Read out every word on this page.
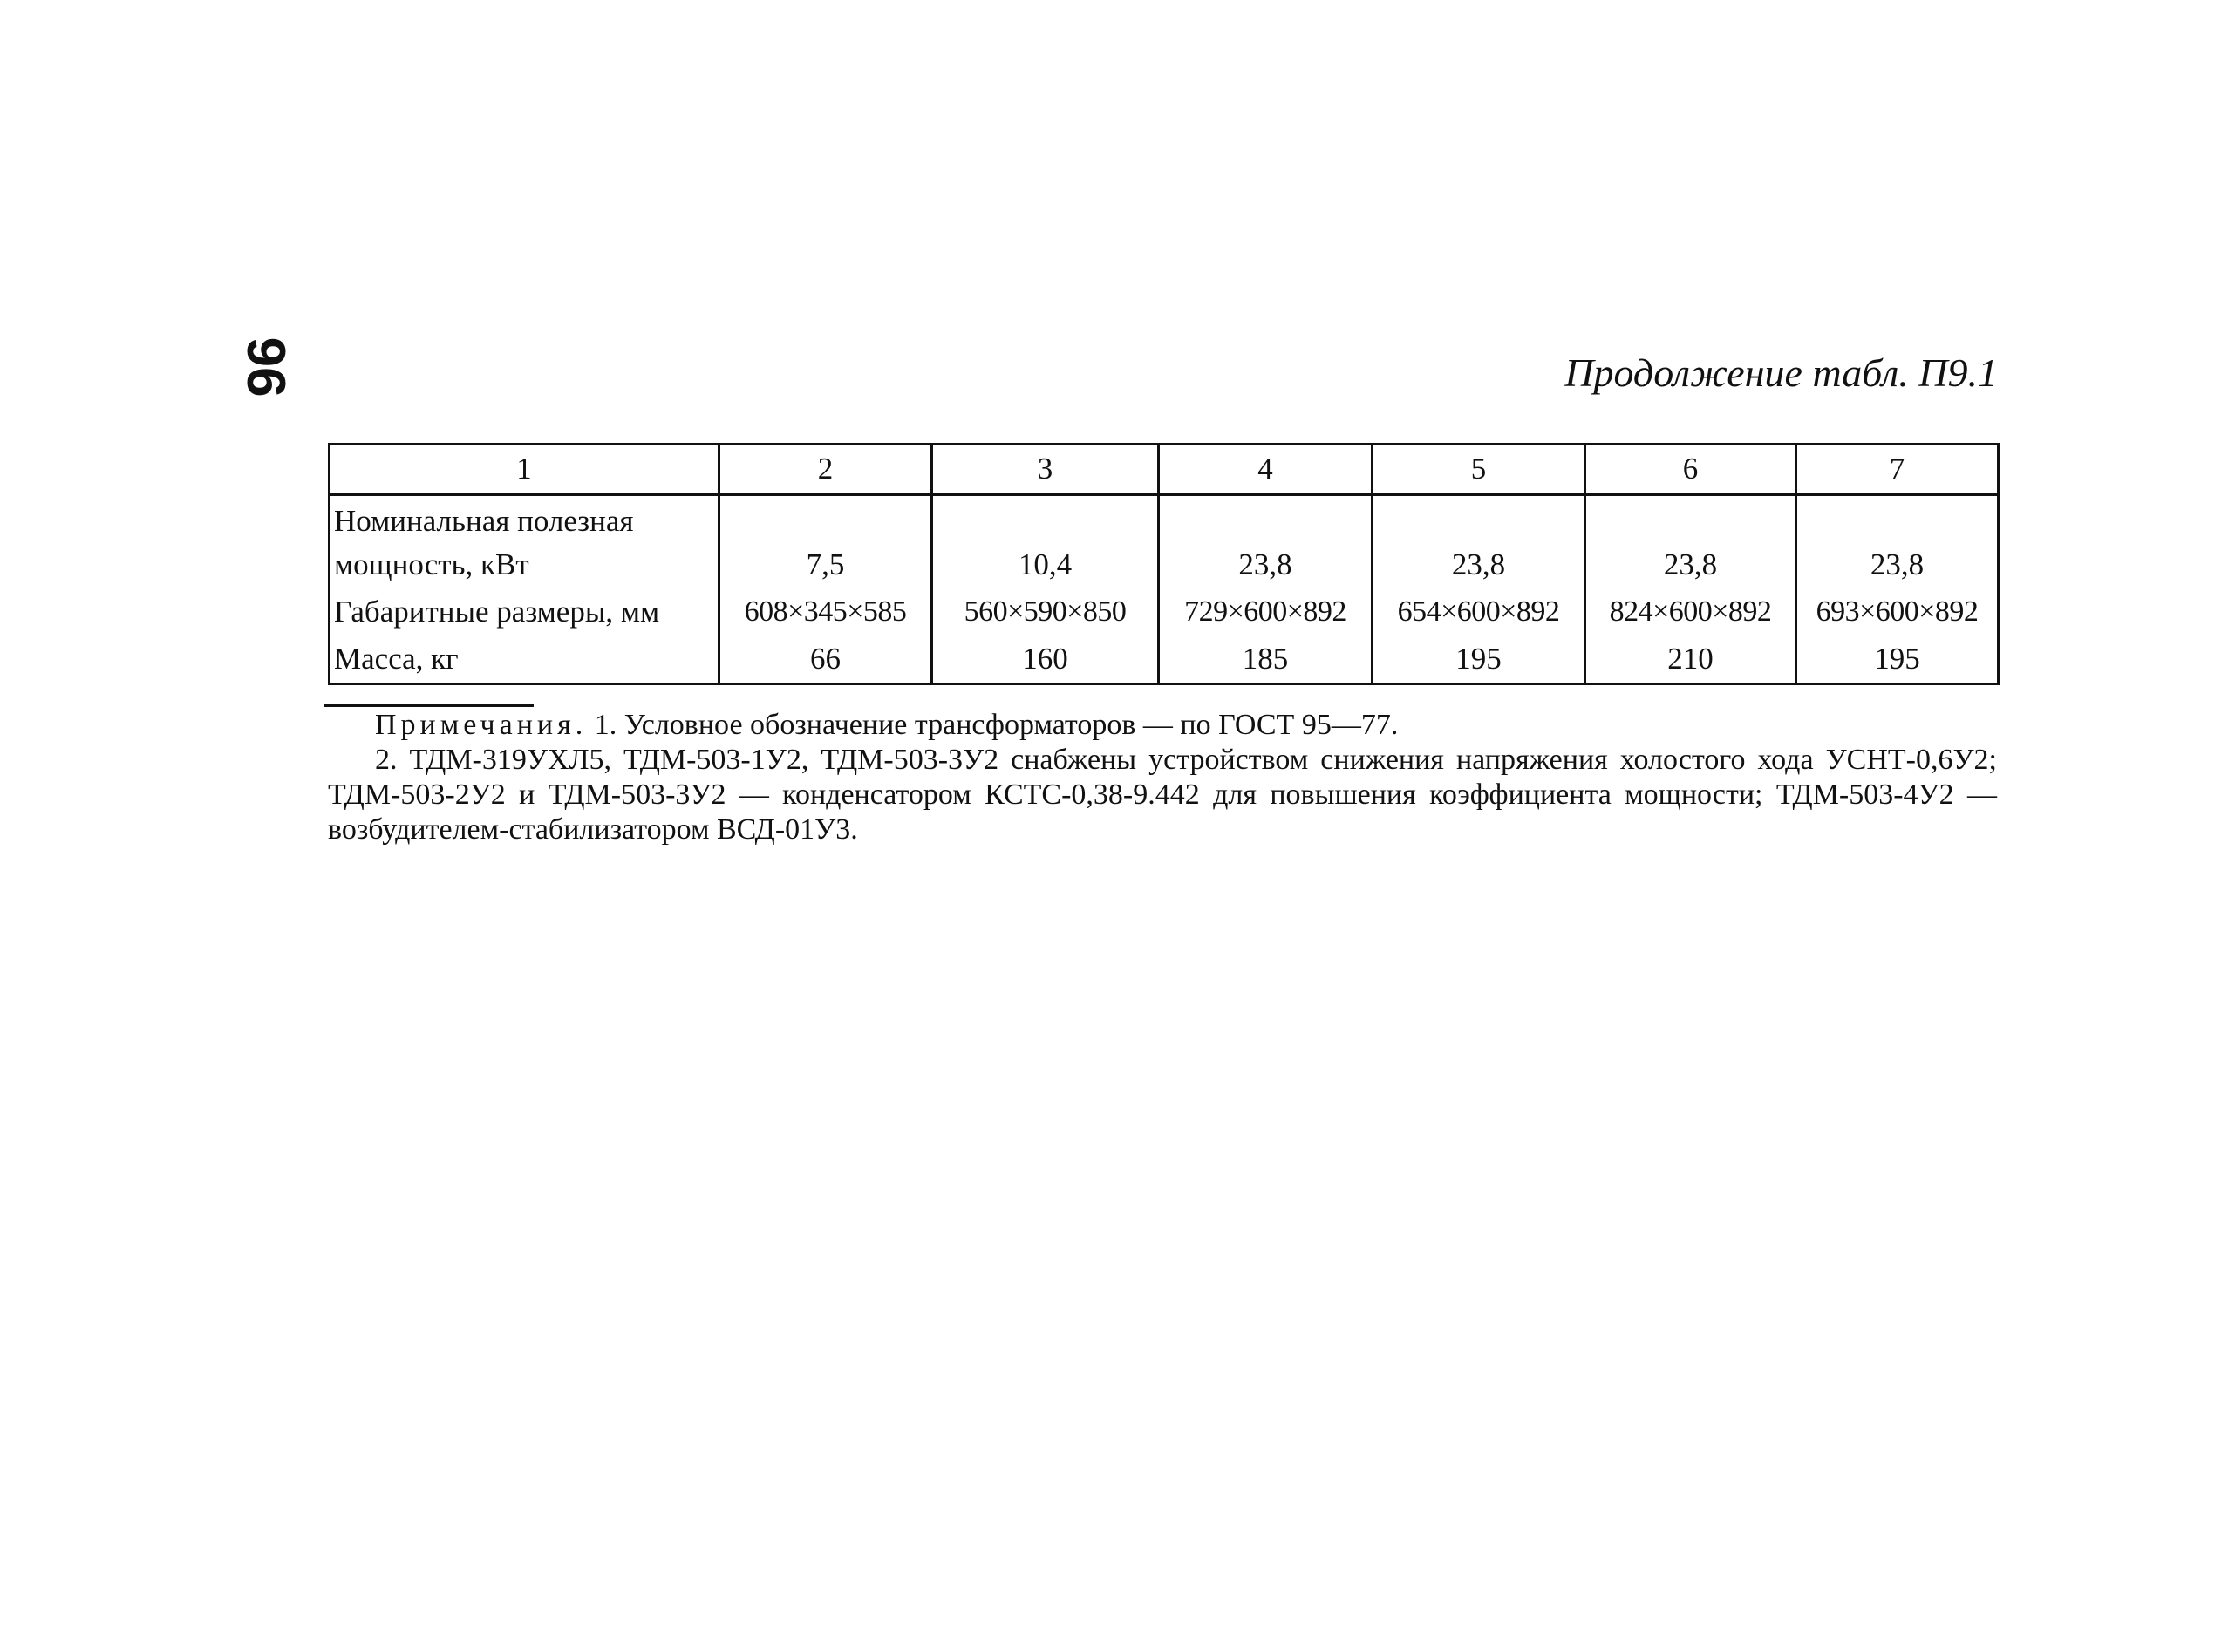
96	Продолжение табл. П9.1
1	2	3	4	5	6	7
Номинальная полезная мощность, кВт	7,5	10,4	23,8	23,8	23,8	23,8
Габаритные размеры, мм	608×345×585	560×590×850	729×600×892	654×600×892	824×600×892	693×600×892
Масса, кг	66	160	185	195	210	195

Примечания. 1. Условное обозначение трансформаторов — по ГОСТ 95—77.

2. ТДМ-319УХЛ5, ТДМ-503-1У2, ТДМ-503-3У2 снабжены устройством снижения напряжения холостого хода УСНТ-0,6У2; ТДМ-503-2У2 и ТДМ-503-3У2 — конденсатором КСТС-0,38-9.442 для повышения коэффициента мощности; ТДМ-503-4У2 — возбудителем-стабилизатором ВСД-01У3.
